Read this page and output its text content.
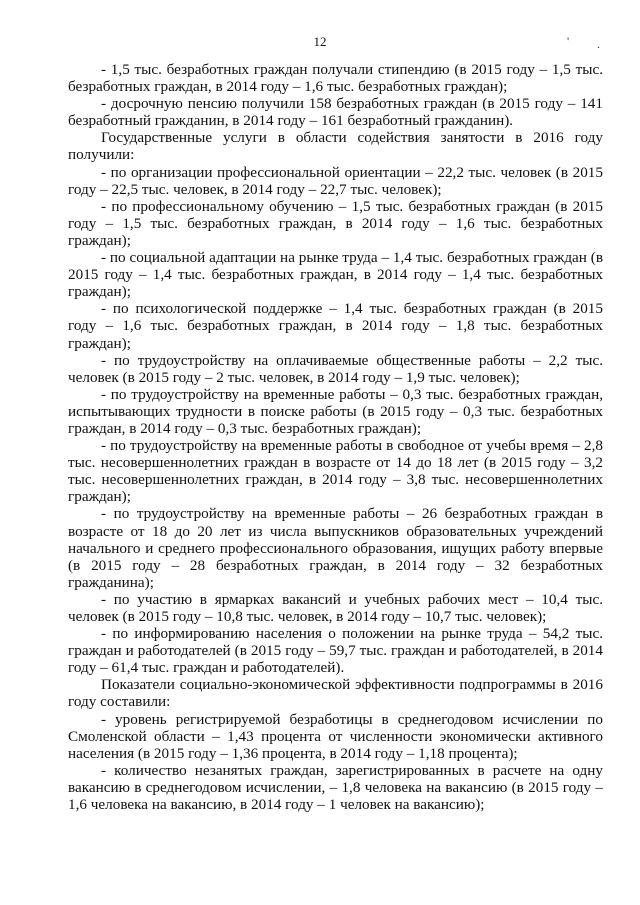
12	' .

- 1,5 тыс. безработных граждан получали стипендию (в 2015 году – 1,5 тыс. безработных граждан, в 2014 году – 1,6 тыс. безработных граждан);

- досрочную пенсию получили 158 безработных граждан (в 2015 году – 141 безработный гражданин, в 2014 году – 161 безработный гражданин).

Государственные услуги в области содействия занятости в 2016 году получили:

- по организации профессиональной ориентации – 22,2 тыс. человек (в 2015 году – 22,5 тыс. человек, в 2014 году – 22,7 тыс. человек);

- по профессиональному обучению – 1,5 тыс. безработных граждан (в 2015 году – 1,5 тыс. безработных граждан, в 2014 году – 1,6 тыс. безработных граждан);

- по социальной адаптации на рынке труда – 1,4 тыс. безработных граждан (в 2015 году – 1,4 тыс. безработных граждан, в 2014 году – 1,4 тыс. безработных граждан);

- по психологической поддержке – 1,4 тыс. безработных граждан (в 2015 году – 1,6 тыс. безработных граждан, в 2014 году – 1,8 тыс. безработных граждан);

- по трудоустройству на оплачиваемые общественные работы – 2,2 тыс. человек (в 2015 году – 2 тыс. человек, в 2014 году – 1,9 тыс. человек);

- по трудоустройству на временные работы – 0,3 тыс. безработных граждан, испытывающих трудности в поиске работы (в 2015 году – 0,3 тыс. безработных граждан, в 2014 году – 0,3 тыс. безработных граждан);

- по трудоустройству на временные работы в свободное от учебы время – 2,8 тыс. несовершеннолетних граждан в возрасте от 14 до 18 лет (в 2015 году – 3,2 тыс. несовершеннолетних граждан, в 2014 году – 3,8 тыс. несовершеннолетних граждан);

- по трудоустройству на временные работы – 26 безработных граждан в возрасте от 18 до 20 лет из числа выпускников образовательных учреждений начального и среднего профессионального образования, ищущих работу впервые (в 2015 году – 28 безработных граждан, в 2014 году – 32 безработных гражданина);

- по участию в ярмарках вакансий и учебных рабочих мест – 10,4 тыс. человек (в 2015 году – 10,8 тыс. человек, в 2014 году – 10,7 тыс. человек);

- по информированию населения о положении на рынке труда – 54,2 тыс. граждан и работодателей (в 2015 году – 59,7 тыс. граждан и работодателей, в 2014 году – 61,4 тыс. граждан и работодателей).

Показатели социально-экономической эффективности подпрограммы в 2016 году составили:

- уровень регистрируемой безработицы в среднегодовом исчислении по Смоленской области – 1,43 процента от численности экономически активного населения (в 2015 году – 1,36 процента, в 2014 году – 1,18 процента);

- количество незанятых граждан, зарегистрированных в расчете на одну вакансию в среднегодовом исчислении, – 1,8 человека на вакансию (в 2015 году – 1,6 человека на вакансию, в 2014 году – 1 человек на вакансию);
